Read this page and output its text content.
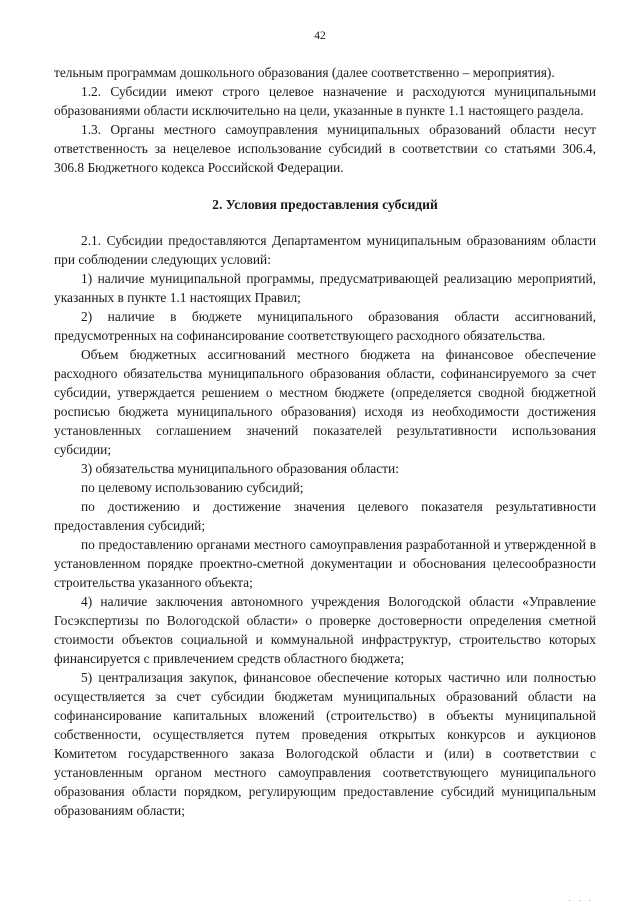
42

тельным программам дошкольного образования (далее соответственно – мероприятия).

1.2. Субсидии имеют строго целевое назначение и расходуются муниципальными образованиями области исключительно на цели, указанные в пункте 1.1 настоящего раздела.

1.3. Органы местного самоуправления муниципальных образований области несут ответственность за нецелевое использование субсидий в соответствии со статьями 306.4, 306.8 Бюджетного кодекса Российской Федерации.

2. Условия предоставления субсидий

2.1. Субсидии предоставляются Департаментом муниципальным образованиям области при соблюдении следующих условий:

1) наличие муниципальной программы, предусматривающей реализацию мероприятий, указанных в пункте 1.1 настоящих Правил;

2) наличие в бюджете муниципального образования области ассигнований, предусмотренных на софинансирование соответствующего расходного обязательства.

Объем бюджетных ассигнований местного бюджета на финансовое обеспечение расходного обязательства муниципального образования области, софинансируемого за счет субсидии, утверждается решением о местном бюджете (определяется сводной бюджетной росписью бюджета муниципального образования) исходя из необходимости достижения установленных соглашением значений показателей результативности использования субсидии;

3) обязательства муниципального образования области:

по целевому использованию субсидий;

по достижению и достижение значения целевого показателя результативности предоставления субсидий;

по предоставлению органами местного самоуправления разработанной и утвержденной в установленном порядке проектно-сметной документации и обоснования целесообразности строительства указанного объекта;

4) наличие заключения автономного учреждения Вологодской области «Управление Госэкспертизы по Вологодской области» о проверке достоверности определения сметной стоимости объектов социальной и коммунальной инфраструктур, строительство которых финансируется с привлечением средств областного бюджета;

5) централизация закупок, финансовое обеспечение которых частично или полностью осуществляется за счет субсидии бюджетам муниципальных образований области на софинансирование капитальных вложений (строительство) в объекты муниципальной собственности, осуществляется путем проведения открытых конкурсов и аукционов Комитетом государственного заказа Вологодской области и (или) в соответствии с установленным органом местного самоуправления соответствующего муниципального образования области порядком, регулирующим предоставление субсидий муниципальным образованиям области;

· · ·
